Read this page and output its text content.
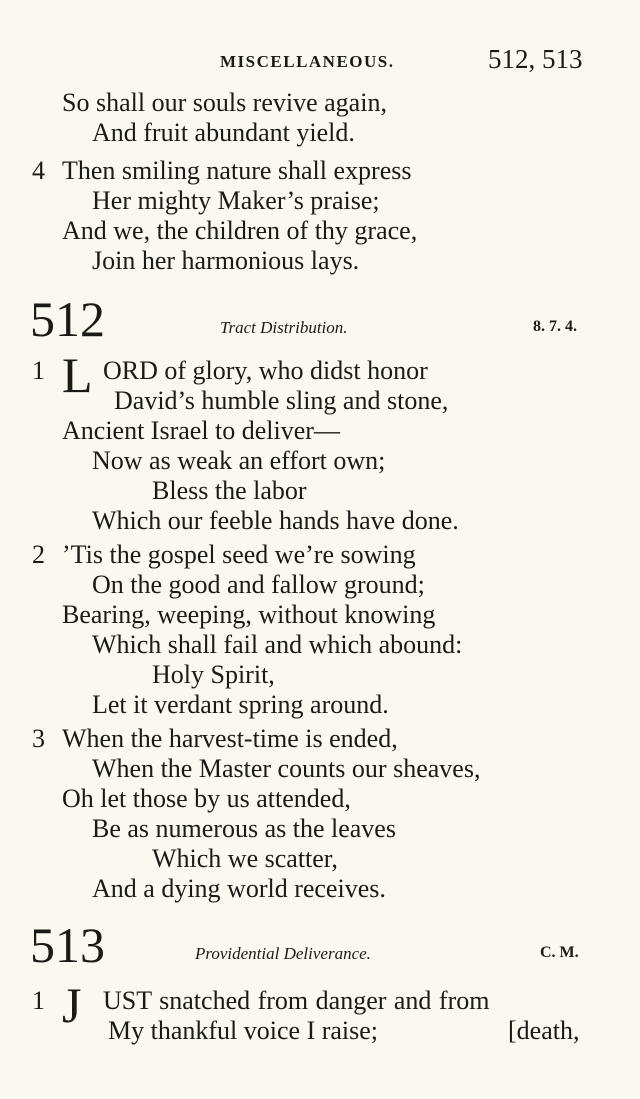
MISCELLANEOUS.	512, 513
So shall our souls revive again,
And fruit abundant yield.
4 Then smiling nature shall express
Her mighty Maker’s praise;
And we, the children of thy grace,
Join her harmonious lays.
512	Tract Distribution.	8. 7. 4.
1 L ORD of glory, who didst honor
David’s humble sling and stone,
Ancient Israel to deliver—
Now as weak an effort own;
Bless the labor
Which our feeble hands have done.
2 ’Tis the gospel seed we’re sowing
On the good and fallow ground;
Bearing, weeping, without knowing
Which shall fail and which abound:
Holy Spirit,
Let it verdant spring around.
3 When the harvest-time is ended,
When the Master counts our sheaves,
Oh let those by us attended,
Be as numerous as the leaves
Which we scatter,
And a dying world receives.
513	Providential Deliverance.	C. M.
1 J UST snatched from danger and from
My thankful voice I raise;	[death,
